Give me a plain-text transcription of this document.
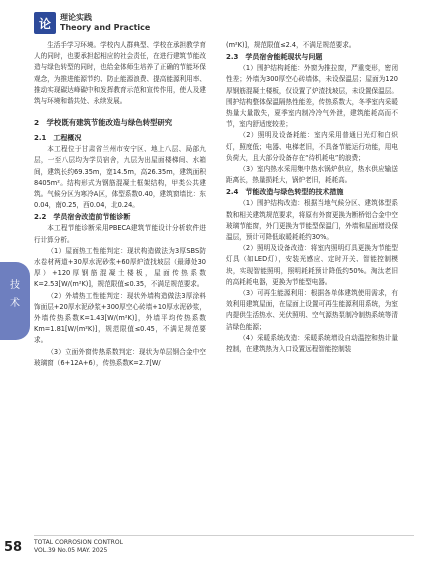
论	理论实践
Theory and Practice
技术

生活手学习环境。学校内人群典型、学校在承担教学育人的同时，也要承担起相应的社会责任，在进行建筑节能改造与绿色转型的同时，也给金体师生培养了正确的节能环保观念，为推进能源节约、防止能源浪费、提高能源利用率、推动实现碳达峰碳中和发挥教育示范和宣传作用，使人及建筑与环境和谐共处、永续发展。

2　学校既有建筑节能改造与绿色转型研究
2.1　工程概况

本工程位于甘肃省兰州市安宁区、地上八层、局部九层，一至八层均为学员宿舍，九层为出屋面楼梯间、水箱间，建筑长约69.35m，宽14.5m，高26.35m，建筑面积8405m²。结构形式为钢筋混凝土框架结构，甲类公共建筑。气候分区为寒冷A区，体型系数0.40，建筑窗墙比：东0.04，南0.25，西0.04，北0.24。

2.2　学员宿舍改造前节能诊断

本工程节能诊断采用PBECA建筑节能设计分析软件进行计算分析。

（1）屋面热工性能判定：现状构造做法为3厚SBS防水卷材两道+30厚水泥砂浆+60厚炉渣找坡层（最薄处30厚）+120厚钢筋混凝土楼板，屋面传热系数K=2.53[W/(m²K)]，规范限值≤0.35，不满足规范要求。

（2）外墙热工性能判定：现状外墙构造做法3厚涂料饰面层+20厚水泥砂浆+300厚空心砖墙+10厚水泥砂浆，外墙传热系数K=1.43[W/(m²K)]，外墙平均传热系数Km=1.81[W/(m²K)]，规范限值≤0.45，不满足规范要求。

（3）立面外窗传热系数判定：现状为单层钢合金中空玻璃窗（6+12A+6），传热系数K=2.7[W/

(m²K)]，规范限值≤2.4，不满足规范要求。

2.3　学员宿舍能耗现状与问题

（1）围护结构耗能：外窗为推拉窗，严重变形，密闭性差；外墙为300厚空心砖墙体，未设保温层；屋面为120厚钢筋混凝土楼板，仅设置了炉渣找坡层，未设置保温层。围护结构整体保温隔热性能差，传热系数大，冬季室内采暖热量大量散失，夏季室内制冷冷气外泄，建筑能耗高而不节，室内舒适度较差；

（2）照明及设备耗能：室内采用普通日光灯和白炽灯，照度低；电器、电梯老旧，不具备节能运行功能，用电负荷大，且大部分设备存在“待机耗电”的浪费；

（3）室内热水采用集中热水锅炉供应，热水供应输送距离长，热量损耗大，锅炉老旧，耗耗高。

2.4　节能改造与绿色转型的技术措施

（1）围护结构改造：根据当地气候分区、建筑体型系数和相关建筑规范要求，将原有外窗更换为断桥铝合金中空玻璃节能窗，外门更换为节能型保温门，外墙和屋面增设保温层，预计可降低取暖耗耗约30%。

（2）照明及设备改造：将室内照明灯具更换为节能型灯具（如LED灯），安装光感应、定时开关、智能控制模块，实现智能照明，照明耗耗预计降低约50%。淘汰老旧的高耗耗电器，更换为节能型电器。

（3）可再生能源利用：根据各单体建筑使用需求，有效利用建筑屋面，在屋面上设置可再生能源利用系统，为室内提供生活热水、光伏照明、空气源热泵制冷制热系统等清洁绿色能源；

（4）采暖系统改造：采暖系统增设自动温控和热计量控制，在建筑热为入口设置远程智能控制装

58 TOTAL CORROSION CONTROL
VOL.39 No.05 MAY. 2025
